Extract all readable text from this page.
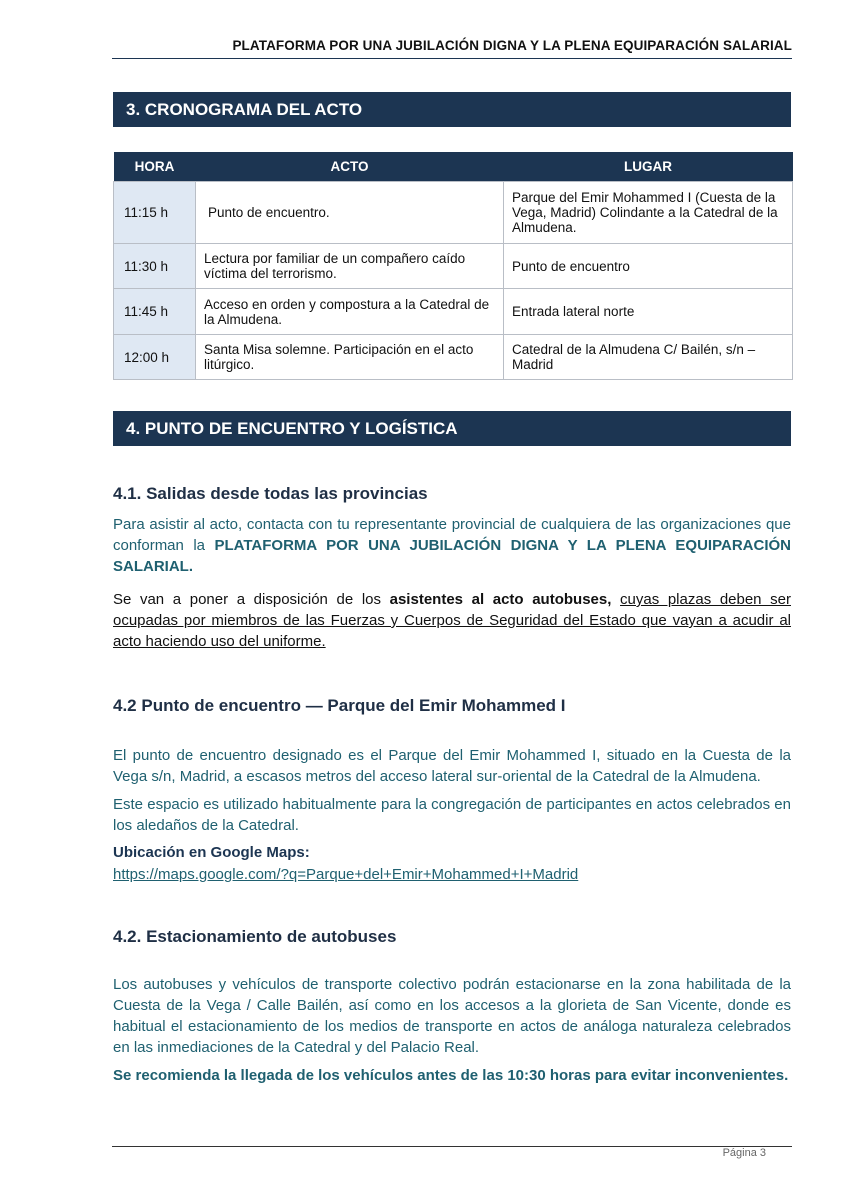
PLATAFORMA POR UNA JUBILACIÓN DIGNA Y LA PLENA EQUIPARACIÓN SALARIAL
3. CRONOGRAMA DEL ACTO
HORA	ACTO	LUGAR
11:15 h	Punto de encuentro.	Parque del Emir Mohammed I (Cuesta de la Vega, Madrid) Colindante a la Catedral de la Almudena.
11:30 h	Lectura por familiar de un compañero caído víctima del terrorismo.	Punto de encuentro
11:45 h	Acceso en orden y compostura a la Catedral de la Almudena.	Entrada lateral norte
12:00 h	Santa Misa solemne. Participación en el acto litúrgico.	Catedral de la Almudena C/ Bailén, s/n – Madrid
4. PUNTO DE ENCUENTRO Y LOGÍSTICA
4.1. Salidas desde todas las provincias
Para asistir al acto, contacta con tu representante provincial de cualquiera de las organizaciones que conforman la PLATAFORMA POR UNA JUBILACIÓN DIGNA Y LA PLENA EQUIPARACIÓN SALARIAL.
Se van a poner a disposición de los asistentes al acto autobuses, cuyas plazas deben ser ocupadas por miembros de las Fuerzas y Cuerpos de Seguridad del Estado que vayan a acudir al acto haciendo uso del uniforme.
4.2 Punto de encuentro — Parque del Emir Mohammed I
El punto de encuentro designado es el Parque del Emir Mohammed I, situado en la Cuesta de la Vega s/n, Madrid, a escasos metros del acceso lateral sur-oriental de la Catedral de la Almudena.
Este espacio es utilizado habitualmente para la congregación de participantes en actos celebrados en los aledaños de la Catedral.
Ubicación en Google Maps:
https://maps.google.com/?q=Parque+del+Emir+Mohammed+I+Madrid
4.2. Estacionamiento de autobuses
Los autobuses y vehículos de transporte colectivo podrán estacionarse en la zona habilitada de la Cuesta de la Vega / Calle Bailén, así como en los accesos a la glorieta de San Vicente, donde es habitual el estacionamiento de los medios de transporte en actos de análoga naturaleza celebrados en las inmediaciones de la Catedral y del Palacio Real.
Se recomienda la llegada de los vehículos antes de las 10:30 horas para evitar inconvenientes.
Página 3
